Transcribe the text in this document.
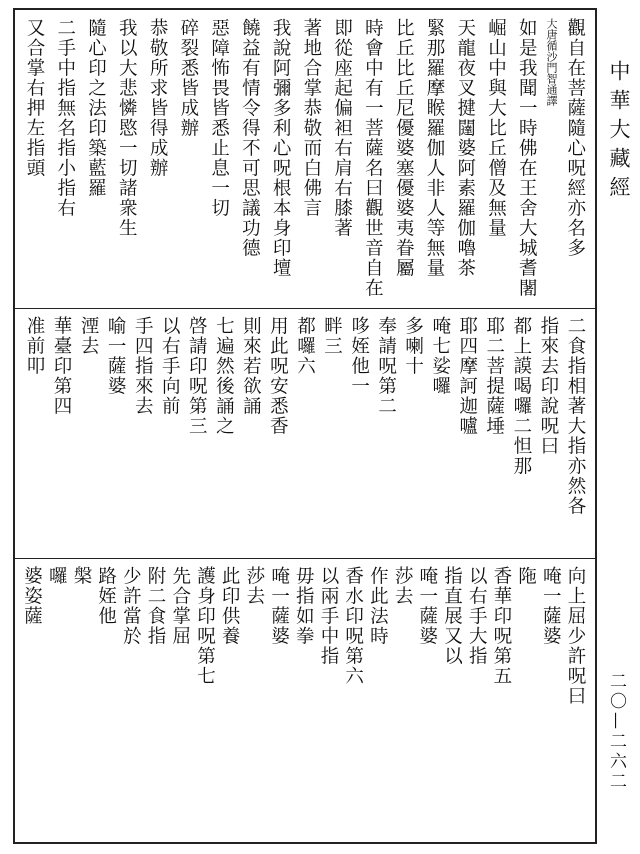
觀自在菩薩隨心呪經亦名多
大唐循沙門智通譯
如是我聞一時佛在王舍大城耆闍
崛山中與大比丘僧及無量
天龍夜叉揵闥婆阿素羅伽嚕茶
緊那羅摩睺羅伽人非人等無量
比丘比丘尼優婆塞優婆夷眷屬
時會中有一菩薩名曰觀世音自在
即從座起偏袒右肩右膝著
著地合掌恭敬而白佛言
我說阿彌多利心呪根本身印壇
饒益有情令得不可思議功德
惡障怖畏皆悉止息一切
碎裂悉皆成辦
恭敬所求皆得成辦
我以大悲憐愍一切諸衆生
隨心印之法印築藍羅
二手中指無名指小指右
又合掌右押左指頭
二食指相著大指亦然各
指來去印說呪曰
都上謨喝囉二怛那
耶二菩提薩埵
耶四摩訶迦嚧
唵七娑囉
多喇十
奉請呪第二
哆姪他一
畔三
都囉六
用此呪安悉香
則來若欲誦
七遍然後誦之
啓請印呪第三
以右手向前
手四指來去
喻一薩婆
湮去
華臺印第四
准前叩
向上屈少許呪曰
唵一薩婆
陁
香華印呪第五
以右手大指
指直展又以
唵一薩婆
莎去
作此法時
香水印呪第六
以兩手中指
毋指如拳
唵一薩婆
莎去
此印供養
護身印呪第七
先合掌屈
附二食指
少許當於
路姪他
槃
囉
婆姿薩
中華大藏經
二〇—二六二
